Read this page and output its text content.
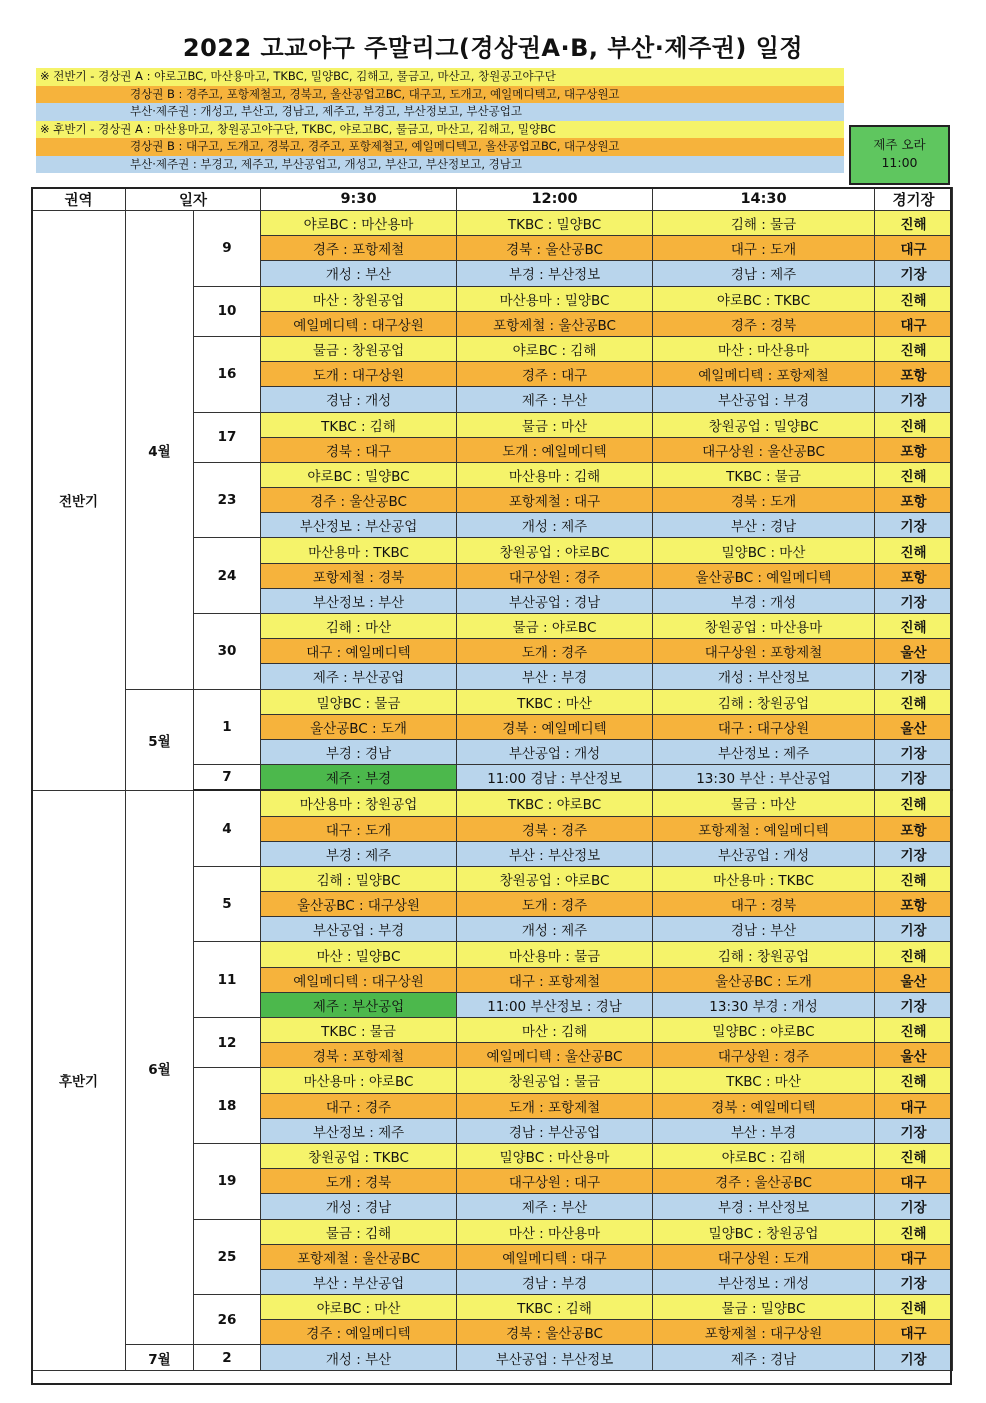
2022 고교야구 주말리그(경상권A·B, 부산·제주권) 일정
※ 전반기 - 경상권 A : 야로고BC, 마산용마고, TKBC, 밀양BC, 김해고, 물금고, 마산고, 창원공고야구단
경상권 B : 경주고, 포항제철고, 경북고, 울산공업고BC, 대구고, 도개고, 예일메디텍고, 대구상원고
부산·제주권 : 개성고, 부산고, 경남고, 제주고, 부경고, 부산정보고, 부산공업고
※ 후반기 - 경상권 A : 마산용마고, 창원공고야구단, TKBC, 야로고BC, 물금고, 마산고, 김해고, 밀양BC
경상권 B : 대구고, 도개고, 경북고, 경주고, 포항제철고, 예일메디텍고, 울산공업고BC, 대구상원고
부산·제주권 : 부경고, 제주고, 부산공업고, 개성고, 부산고, 부산정보고, 경남고
제주 오라
11:00
권역	일자		9:30	12:00	14:30	경기장
전반기	4월	9	야로BC : 마산용마	TKBC : 밀양BC	김해 : 물금	진해
			경주 : 포항제철	경북 : 울산공BC	대구 : 도개	대구
			개성 : 부산	부경 : 부산정보	경남 : 제주	기장
		10	마산 : 창원공업	마산용마 : 밀양BC	야로BC : TKBC	진해
			예일메디텍 : 대구상원	포항제철 : 울산공BC	경주 : 경북	대구
		16	물금 : 창원공업	야로BC : 김해	마산 : 마산용마	진해
			도개 : 대구상원	경주 : 대구	예일메디텍 : 포항제철	포항
			경남 : 개성	제주 : 부산	부산공업 : 부경	기장
		17	TKBC : 김해	물금 : 마산	창원공업 : 밀양BC	진해
			경북 : 대구	도개 : 예일메디텍	대구상원 : 울산공BC	포항
		23	야로BC : 밀양BC	마산용마 : 김해	TKBC : 물금	진해
			경주 : 울산공BC	포항제철 : 대구	경북 : 도개	포항
			부산정보 : 부산공업	개성 : 제주	부산 : 경남	기장
		24	마산용마 : TKBC	창원공업 : 야로BC	밀양BC : 마산	진해
			포항제철 : 경북	대구상원 : 경주	울산공BC : 예일메디텍	포항
			부산정보 : 부산	부산공업 : 경남	부경 : 개성	기장
		30	김해 : 마산	물금 : 야로BC	창원공업 : 마산용마	진해
			대구 : 예일메디텍	도개 : 경주	대구상원 : 포항제철	울산
			제주 : 부산공업	부산 : 부경	개성 : 부산정보	기장
	5월	1	밀양BC : 물금	TKBC : 마산	김해 : 창원공업	진해
			울산공BC : 도개	경북 : 예일메디텍	대구 : 대구상원	울산
			부경 : 경남	부산공업 : 개성	부산정보 : 제주	기장
		7	제주 : 부경	11:00 경남 : 부산정보	13:30 부산 : 부산공업	기장
후반기	6월	4	마산용마 : 창원공업	TKBC : 야로BC	물금 : 마산	진해
			대구 : 도개	경북 : 경주	포항제철 : 예일메디텍	포항
			부경 : 제주	부산 : 부산정보	부산공업 : 개성	기장
		5	김해 : 밀양BC	창원공업 : 야로BC	마산용마 : TKBC	진해
			울산공BC : 대구상원	도개 : 경주	대구 : 경북	포항
			부산공업 : 부경	개성 : 제주	경남 : 부산	기장
		11	마산 : 밀양BC	마산용마 : 물금	김해 : 창원공업	진해
			예일메디텍 : 대구상원	대구 : 포항제철	울산공BC : 도개	울산
			제주 : 부산공업	11:00 부산정보 : 경남	13:30 부경 : 개성	기장
		12	TKBC : 물금	마산 : 김해	밀양BC : 야로BC	진해
			경북 : 포항제철	예일메디텍 : 울산공BC	대구상원 : 경주	울산
		18	마산용마 : 야로BC	창원공업 : 물금	TKBC : 마산	진해
			대구 : 경주	도개 : 포항제철	경북 : 예일메디텍	대구
			부산정보 : 제주	경남 : 부산공업	부산 : 부경	기장
		19	창원공업 : TKBC	밀양BC : 마산용마	야로BC : 김해	진해
			도개 : 경북	대구상원 : 대구	경주 : 울산공BC	대구
			개성 : 경남	제주 : 부산	부경 : 부산정보	기장
		25	물금 : 김해	마산 : 마산용마	밀양BC : 창원공업	진해
			포항제철 : 울산공BC	예일메디텍 : 대구	대구상원 : 도개	대구
			부산 : 부산공업	경남 : 부경	부산정보 : 개성	기장
		26	야로BC : 마산	TKBC : 김해	물금 : 밀양BC	진해
			경주 : 예일메디텍	경북 : 울산공BC	포항제철 : 대구상원	대구
	7월	2	개성 : 부산	부산공업 : 부산정보	제주 : 경남	기장
